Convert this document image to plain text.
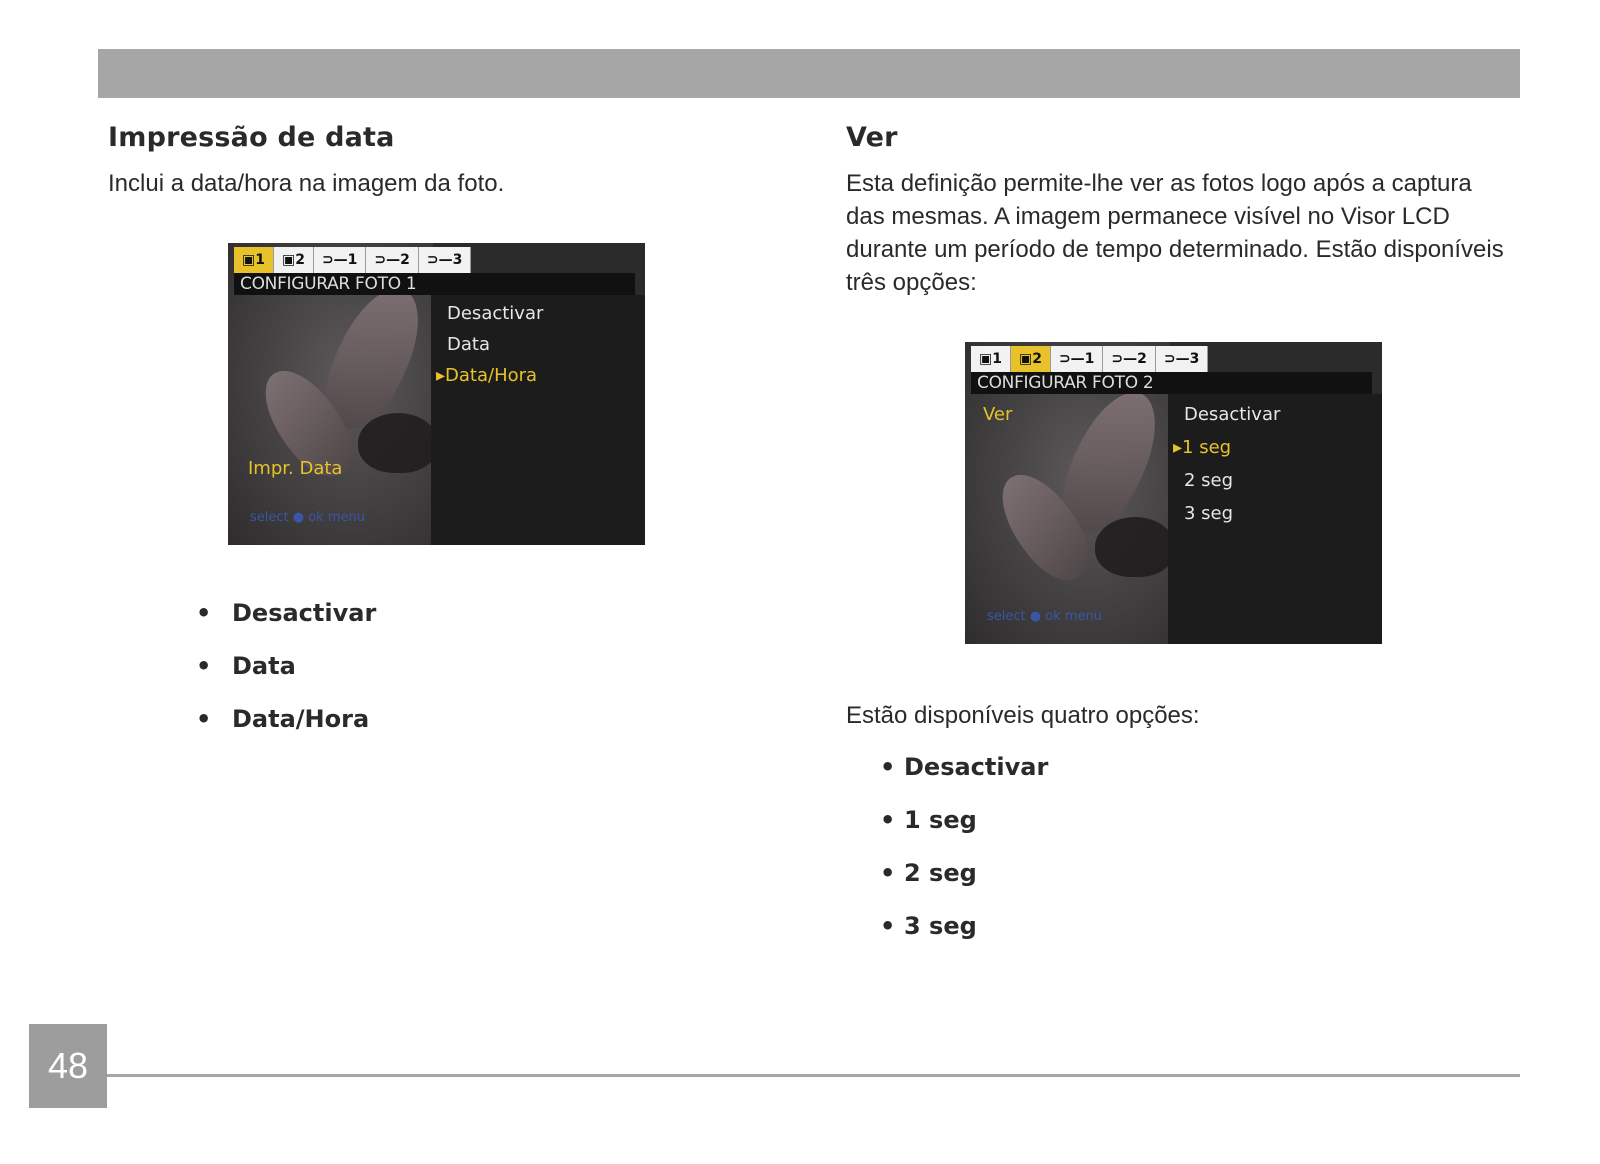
Impressão de data

Inclui a data/hora na imagem da foto.

▣1	▣2	⊃—1	⊃—2	⊃—3
CONFIGURAR FOTO 1
Desactivar
Data
▸Data/Hora
Impr. Data
select ● ok menu
• Desactivar
• Data
• Data/Hora
Ver

Esta definição permite-lhe ver as fotos logo após a captura das mesmas. A imagem permanece visível no Visor LCD durante um período de tempo determinado. Estão disponíveis três opções:

▣1	▣2	⊃—1	⊃—2	⊃—3
CONFIGURAR FOTO 2
Ver	Desactivar
▸1 seg
2 seg
3 seg
select ● ok menu

Estão disponíveis quatro opções:

• Desactivar
• 1 seg
• 2 seg
• 3 seg
48
